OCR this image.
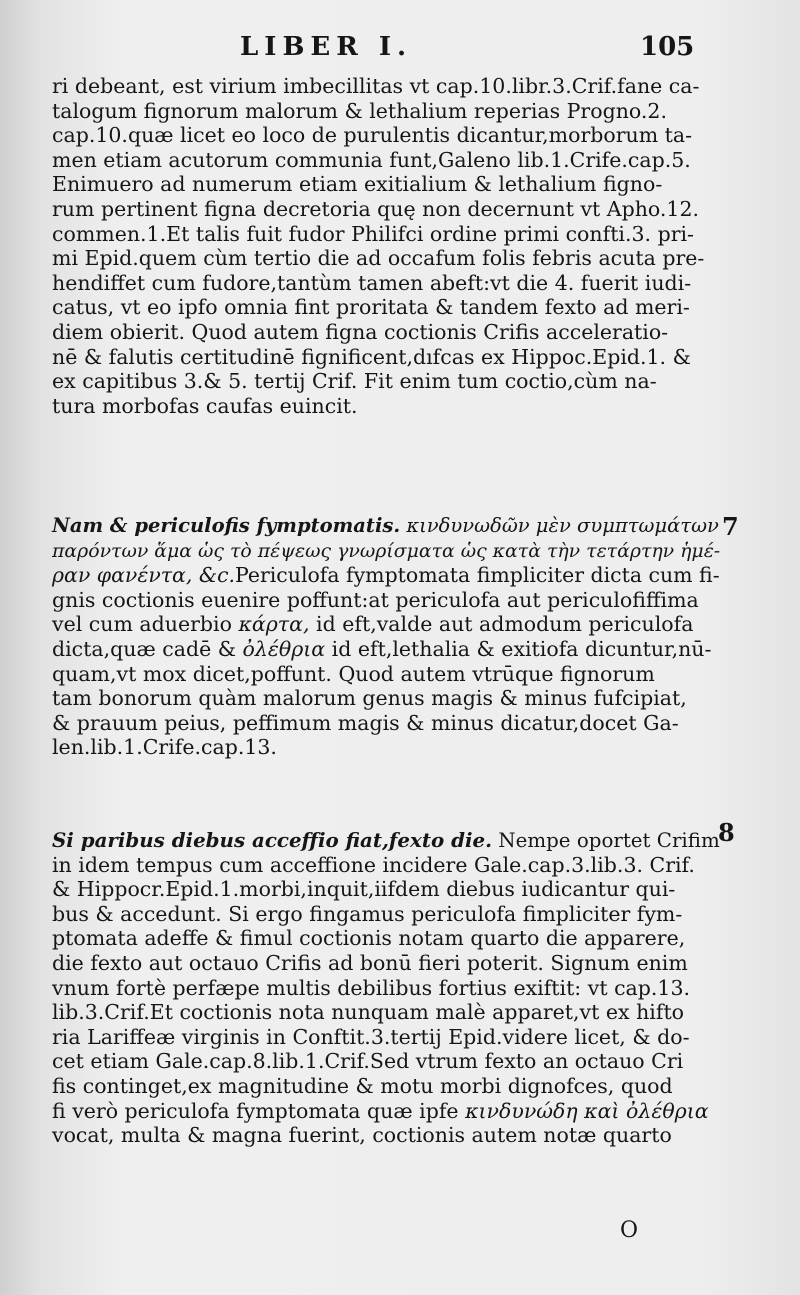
LIBER I.	105
ri debeant, est virium imbecillitas vt cap.10.libr.3.Crif.fane ca-
talogum fignorum malorum & lethalium reperias Progno.2.
cap.10.quæ licet eo loco de purulentis dicantur,morborum ta-
men etiam acutorum communia funt,Galeno lib.1.Crife.cap.5.
Enimuero ad numerum etiam exitialium & lethalium figno-
rum pertinent figna decretoria quę non decernunt vt Apho.12.
commen.1.Et talis fuit fudor Philifci ordine primi confti.3. pri-
mi Epid.quem cùm tertio die ad occafum folis febris acuta pre-
hendiffet cum fudore,tantùm tamen abeft:vt die 4. fuerit iudi-
catus, vt eo ipfo omnia fint proritata & tandem fexto ad meri-
diem obierit. Quod autem figna coctionis Crifis acceleratio-
nē & falutis certitudinē fignificent,dıfcas ex Hippoc.Epid.1. &
ex capitibus 3.& 5. tertij Crif. Fit enim tum coctio,cùm na-
tura morbofas caufas euincit.
7
Nam & periculofis fymptomatis. κινδυνωδῶν μὲν συμπτωμάτων
παρόντων ἅμα ὡς τὸ πέψεως γνωρίσματα ὡς κατὰ τὴν τετάρτην ἡμέ-
ραν φανέντα, &c.Periculofa fymptomata fimpliciter dicta cum fi-
gnis coctionis euenire poffunt:at periculofa aut periculofiffima
vel cum aduerbio κάρτα, id eft,valde aut admodum periculofa
dicta,quæ cadē & ὀλέθρια id eft,lethalia & exitiofa dicuntur,nū-
quam,vt mox dicet,poffunt. Quod autem vtrūque fignorum
tam bonorum quàm malorum genus magis & minus fufcipiat,
& prauum peius, peffimum magis & minus dicatur,docet Ga-
len.lib.1.Crife.cap.13.
8
Si paribus diebus acceffio fiat,fexto die. Nempe oportet Crifim
in idem tempus cum acceffione incidere Gale.cap.3.lib.3. Crif.
& Hippocr.Epid.1.morbi,inquit,iifdem diebus iudicantur qui-
bus & accedunt. Si ergo fingamus periculofa fimpliciter fym-
ptomata adeffe & fimul coctionis notam quarto die apparere,
die fexto aut octauo Crifis ad bonū fieri poterit. Signum enim
vnum fortè perfæpe multis debilibus fortius exiftit: vt cap.13.
lib.3.Crif.Et coctionis nota nunquam malè apparet,vt ex hifto
ria Lariffeæ virginis in Conftit.3.tertij Epid.videre licet, & do-
cet etiam Gale.cap.8.lib.1.Crif.Sed vtrum fexto an octauo Cri
fis continget,ex magnitudine & motu morbi dignofces, quod
fi verò periculofa fymptomata quæ ipfe κινδυνώδη καὶ ὀλέθρια
vocat, multa & magna fuerint, coctionis autem notæ quarto
O
